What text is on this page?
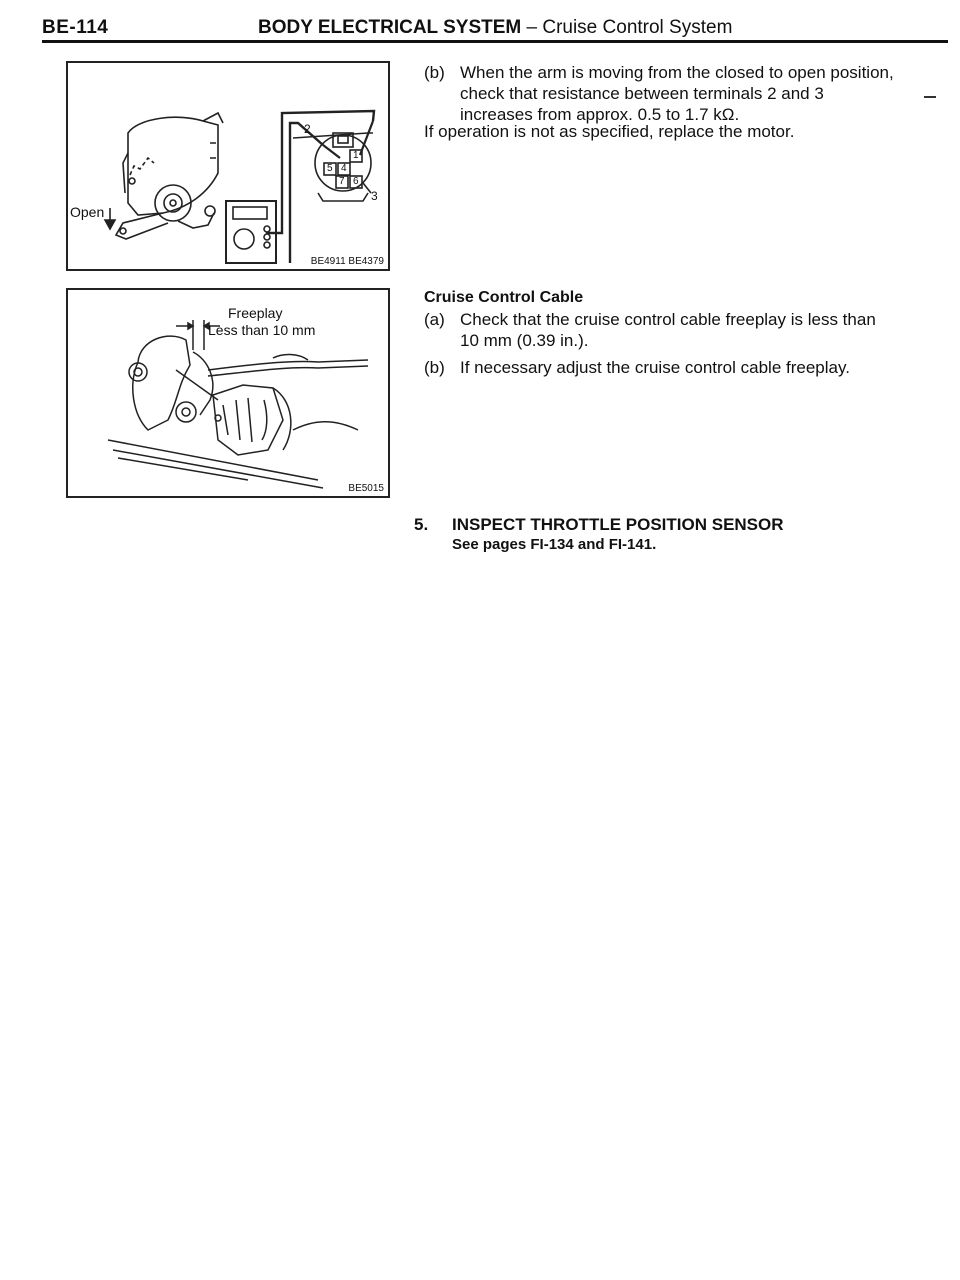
BE-114	BODY ELECTRICAL SYSTEM – Cruise Control System
Open
2
3
1
5 4
7 6
BE4911 BE4379
Freeplay
Less than 10 mm
BE5015
(b) When the arm is moving from the closed to open position, check that resistance between terminals 2 and 3 increases from approx. 0.5 to 1.7 kΩ.
If operation is not as specified, replace the motor.
Cruise Control Cable
(a) Check that the cruise control cable freeplay is less than 10 mm (0.39 in.).
(b) If necessary adjust the cruise control cable freeplay.
5. INSPECT THROTTLE POSITION SENSOR
See pages FI-134 and FI-141.
